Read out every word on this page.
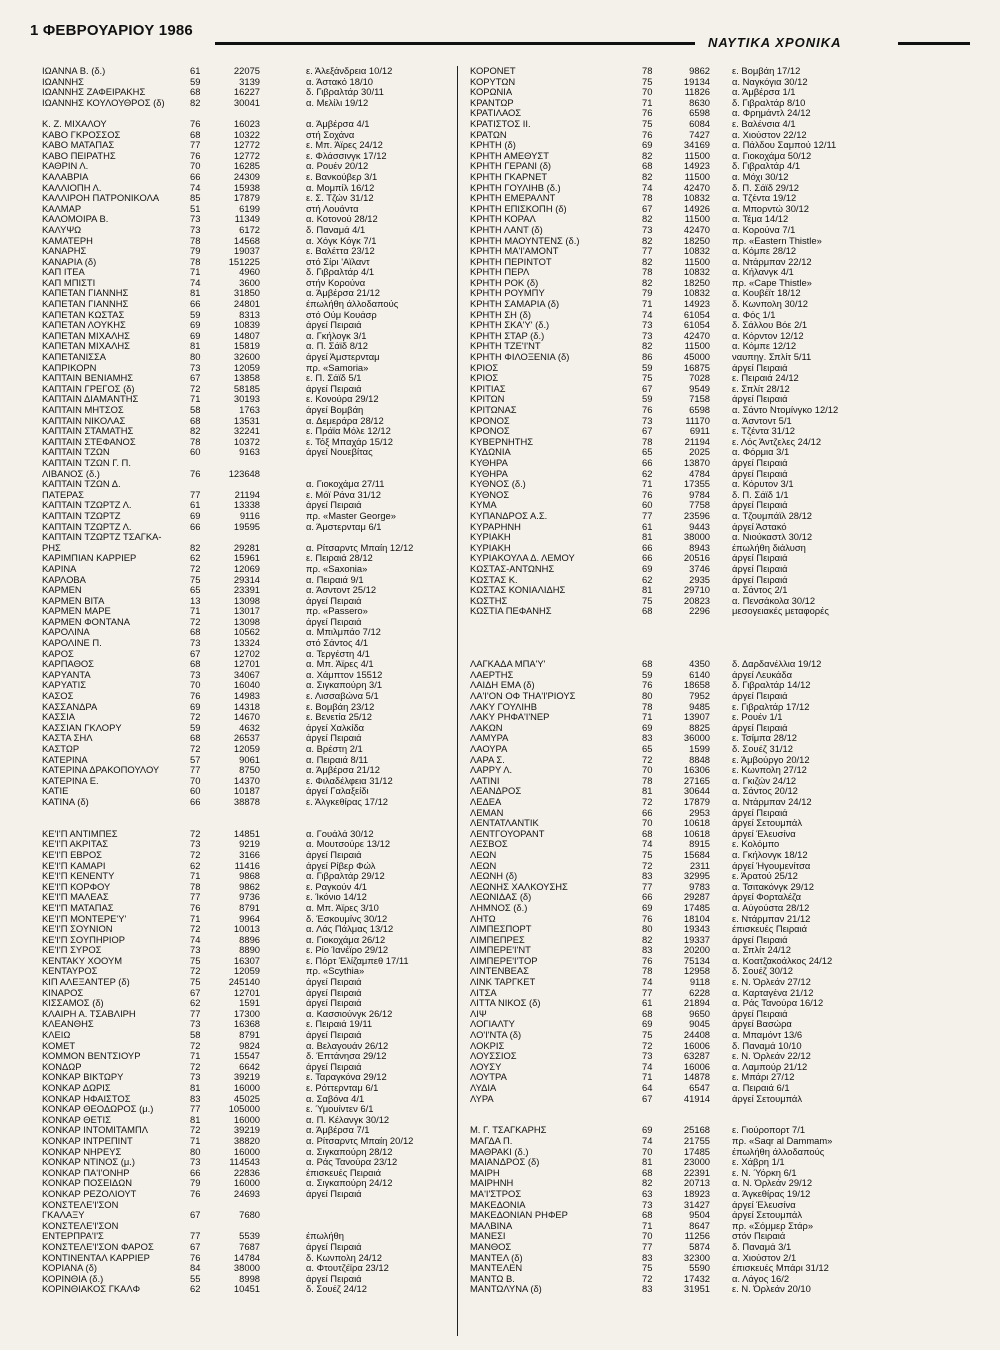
1 ΦΕΒΡΟΥΑΡΙΟΥ 1986
ΝΑΥΤΙΚΑ ΧΡΟΝΙΚΑ
ΙΩΑΝΝΑ Β. (δ.)	61	22075	ε. Άλεξάνδρεια 10/12
ΙΩΑΝΝΗΣ	59	3139	α. Άστακό 18/10
ΙΩΑΝΝΗΣ ΖΑΦΕΙΡΑΚΗΣ	68	16227	δ. Γιβραλτάρ 30/11
ΙΩΑΝΝΗΣ ΚΟΥΛΟΥΘΡΟΣ (δ)	82	30041	α. Μελίλι 19/12
Κ. Ζ. ΜΙΧΑΛΟΥ	76	16023	α. Άμβέρσα 4/1
ΚΑΒΟ ΓΚΡΟΣΣΟΣ	68	10322	στή Σοχάνα
ΚΑΒΟ ΜΑΤΑΠΑΣ	77	12772	ε. Μπ. Άϊρες 24/12
ΚΑΒΟ ΠΕΙΡΑΤΗΣ	76	12772	ε. Φλάσσινγκ 17/12
ΚΑΘΡΙΝ Λ.	70	16285	α. Ρουέν 20/12
ΚΑΛΑΒΡΙΑ	66	24309	ε. Βανκούβερ 3/1
ΚΑΛΛΙΟΠΗ Λ.	74	15938	α. Μομπίλ 16/12
ΚΑΛΛΙΡΟΗ ΠΑΤΡΟΝΙΚΟΛΑ	85	17879	ε. Σ. Τζών 31/12
ΚΑΛΜΑΡ	51	6199	στή Λουάντα
ΚΑΛΟΜΟΙΡΑ Β.	73	11349	α. Κοτονού 28/12
ΚΑΛΥΨΩ	73	6172	δ. Παναμά 4/1
ΚΑΜΑΤΕΡΗ	78	14568	α. Χόγκ Κόγκ 7/1
ΚΑΝΑΡΗΣ	79	19037	ε. Βαλέττα 23/12
ΚΑΝΑΡΙΑ (δ)	78	151225	στό Σίρι 'Αϊλαντ
ΚΑΠ ΙΤΕΑ	71	4960	δ. Γιβραλτάρ 4/1
ΚΑΠ ΜΠΙΣΤΙ	74	3600	στήν Κορούνα
ΚΑΠΕΤΑΝ ΓΙΑΝΝΗΣ	81	31850	α. Άμβέρσα 21/12
ΚΑΠΕΤΑΝ ΓΙΑΝΝΗΣ	66	24801	έπωλήθη άλλοδαπούς
ΚΑΠΕΤΑΝ ΚΩΣΤΑΣ	59	8313	στό Ούμ Κουάσρ
ΚΑΠΕΤΑΝ ΛΟΥΚΗΣ	69	10839	άργεί Πειραιά
ΚΑΠΕΤΑΝ ΜΙΧΑΛΗΣ	69	14807	α. Γκήλογκ 3/1
ΚΑΠΕΤΑΝ ΜΙΧΑΛΗΣ	81	15819	α. Π. Σάϊδ 8/12
ΚΑΠΕΤΑΝΙΣΣΑ	80	32600	άργεί Άμστερνταμ
ΚΑΠΡΙΚΟΡΝ	73	12059	πρ. «Samoria»
ΚΑΠΤΑΙΝ ΒΕΝΙΑΜΗΣ	67	13858	ε. Π. Σάϊδ 5/1
ΚΑΠΤΑΙΝ ΓΡΕΓΟΣ (δ)	72	58185	άργεί Πειραιά
ΚΑΠΤΑΙΝ ΔΙΑΜΑΝΤΗΣ	71	30193	ε. Κονούρα 29/12
ΚΑΠΤΑΙΝ ΜΗΤΣΟΣ	58	1763	άργεί Βομβάη
ΚΑΠΤΑΙΝ ΝΙΚΟΛΑΣ	68	13531	α. Δεμεράρα 28/12
ΚΑΠΤΑΙΝ ΣΤΑΜΑΤΗΣ	82	32241	ε. Πράϊα Μόλε 12/12
ΚΑΠΤΑΙΝ ΣΤΕΦΑΝΟΣ	78	10372	ε. Τόξ Μπαχάρ 15/12
ΚΑΠΤΑΙΝ ΤΖΩΝ	60	9163	άργεί Νουεβίτας
ΚΑΠΤΑΙΝ ΤΖΩΝ Γ. Π.
ΛΙΒΑΝΟΣ (δ.)	76	123648
ΚΑΠΤΑΙΝ ΤΖΩΝ Δ.	α. Γιοκοχάμα 27/11
ΠΑΤΕΡΑΣ	77	21194	ε. Μόϊ Ράνα 31/12
ΚΑΠΤΑΙΝ ΤΖΩΡΤΖ Λ.	61	13338	άργεί Πειραιά
ΚΑΠΤΑΙΝ ΤΖΩΡΤΖ	69	9116	πρ. «Master George»
ΚΑΠΤΑΙΝ ΤΖΩΡΤΖ Λ.	66	19595	α. Άμστερνταμ 6/1
ΚΑΠΤΑΙΝ ΤΖΩΡΤΖ ΤΣΑΓΚΑ-
ΡΗΣ	82	29281	α. Ρίτσαρντς Μπαίη 12/12
ΚΑΡΙΜΠΙΑΝ ΚΑΡΡΙΕΡ	62	15961	ε. Πειραιά 28/12
ΚΑΡΙΝΑ	72	12069	πρ. «Saxonia»
ΚΑΡΛΟΒΑ	75	29314	α. Πειραιά 9/1
ΚΑΡΜΕΝ	65	23391	α. Άσντοντ 25/12
ΚΑΡΜΕΝ ΒΙΤΑ	13	13098	άργεί Πειραιά
ΚΑΡΜΕΝ ΜΑΡΕ	71	13017	πρ. «Passero»
ΚΑΡΜΕΝ ΦΟΝΤΑΝΑ	72	13098	άργεί Πειραιά
ΚΑΡΟΛΙΝΑ	68	10562	α. Μπιλμπάο 7/12
ΚΑΡΟΛΙΝΕ Π.	73	13324	στό Σάντος 4/1
ΚΑΡΟΣ	67	12702	α. Τεργέστη 4/1
ΚΑΡΠΑΘΟΣ	68	12701	α. Μπ. Άϊρες 4/1
ΚΑΡΥΑΝΤΑ	73	34067	α. Χάμπτον 15512
ΚΑΡΥΑΤΙΣ	70	16040	α. Σιγκαπούρη 3/1
ΚΑΣΟΣ	76	14983	ε. Λισσαβώνα 5/1
ΚΑΣΣΑΝΔΡΑ	69	14318	ε. Βομβάη 23/12
ΚΑΣΣΙΑ	72	14670	ε. Βενετία 25/12
ΚΑΣΣΙΑΝ ΓΚΛΟΡΥ	59	4632	άργεί Χαλκίδα
ΚΑΣΤΑ ΣΗΛ	68	26537	άργεί Πειραιά
ΚΑΣΤΩΡ	72	12059	α. Βρέστη 2/1
ΚΑΤΕΡΙΝΑ	57	9061	α. Πειραιά 8/11
ΚΑΤΕΡΙΝΑ ΔΡΑΚΟΠΟΥΛΟΥ	77	8750	α. Άμβέρσα 21/12
ΚΑΤΕΡΙΝΑ Ε.	70	14370	ε. Φιλαδέλφεια 31/12
ΚΑΤΙΕ	60	10187	άργεί Γαλαξείδι
ΚΑΤΙΝΑ (δ)	66	38878	ε. Άλγκεθίρας 17/12
ΚΕ'Ι'Π ΑΝΤΙΜΠΕΣ	72	14851	α. Γουάλά 30/12
ΚΕ'Ι'Π ΑΚΡΙΤΑΣ	73	9219	α. Μουτσούρε 13/12
ΚΕ'Ι'Π ΕΒΡΟΣ	72	3166	άργεί Πειραιά
ΚΕ'Ι'Π ΚΑΜΑΡΙ	62	11416	άργεί Ρίβερ Φώλ
ΚΕ'Ι'Π ΚΕΝΕΝΤΥ	71	9868	α. Γιβραλτάρ 29/12
ΚΕ'Ι'Π ΚΟΡΦΟΥ	78	9862	ε. Ραγκούν 4/1
ΚΕ'Ι'Π ΜΑΛΕΑΣ	77	9736	ε. Ίκόνιο 14/12
ΚΕ'Ι'Π ΜΑΤΑΠΑΣ	76	8791	α. Μπ. Άϊρες 3/10
ΚΕ'Ι'Π ΜΟΝΤΕΡΕ'Υ'	71	9964	δ. Έσκουμίνς 30/12
ΚΕ'Ι'Π ΣΟΥΝΙΟΝ	72	10013	α. Λάς Πάλμας 13/12
ΚΕ'Ι'Π ΣΟΥΠΗΡΙΟΡ	74	8896	α. Γιοκοχάμα 26/12
ΚΕ'Ι'Π ΣΥΡΟΣ	73	8890	ε. Ρίο Ίανέϊρο 29/12
ΚΕΝΤΑΚΥ ΧΟΟΥΜ	75	16307	ε. Πόρτ Έλίζαμπεθ 17/11
ΚΕΝΤΑΥΡΟΣ	72	12059	πρ. «Scythia»
ΚΙΠ ΑΛΕΞΑΝΤΕΡ (δ)	75	245140	άργεί Πειραιά
ΚΙΝΑΡΟΣ	67	12701	άργεί Πειραιά
ΚΙΣΣΑΜΟΣ (δ)	62	1591	άργεί Πειραιά
ΚΛΑΙΡΗ Α. ΤΣΑΒΛΙΡΗ	77	17300	α. Κασσιούνγκ 26/12
ΚΛΕΑΝΘΗΣ	73	16368	ε. Πειραιά 19/11
ΚΛΕΙΩ	58	8791	άργεί Πειραιά
ΚΟΜΕΤ	72	9824	α. Βελαγουάν 26/12
ΚΟΜΜΟΝ ΒΕΝΤΣΙΟΥΡ	71	15547	δ. Έπτάνησα 29/12
ΚΟΝΔΩΡ	72	6642	άργεί Πειραιά
ΚΟΝΚΑΡ ΒΙΚΤΩΡΥ	73	39219	ε. Ταραγκόνα 29/12
ΚΟΝΚΑΡ ΔΩΡΙΣ	81	16000	ε. Ρόττερνταμ 6/1
ΚΟΝΚΑΡ ΗΦΑΙΣΤΟΣ	83	45025	α. Σαβόνα 4/1
ΚΟΝΚΑΡ ΘΕΟΔΩΡΟΣ (μ.)	77	105000	ε. Ύμουίντεν 6/1
ΚΟΝΚΑΡ ΘΕΤΙΣ	81	16000	α. Π. Κέλανγκ 30/12
ΚΟΝΚΑΡ ΙΝΤΟΜΙΤΑΜΠΛ	72	39219	α. Άμβέρσα 7/1
ΚΟΝΚΑΡ ΙΝΤΡΕΠΙΝΤ	71	38820	α. Ρίτσαρντς Μπαίη 20/12
ΚΟΝΚΑΡ ΝΗΡΕΥΣ	80	16000	α. Σιγκαπούρη 28/12
ΚΟΝΚΑΡ ΝΤΙΝΟΣ (μ.)	73	114543	α. Ράς Τανούρα 23/12
ΚΟΝΚΑΡ ΠΑ'Ι'ΟΝΗΡ	66	22836	έπισκευές Πειραιά
ΚΟΝΚΑΡ ΠΟΣΕΙΔΩΝ	79	16000	α. Σιγκαπούρη 24/12
ΚΟΝΚΑΡ ΡΕΖΟΛΙΟΥΤ	76	24693	άργεί Πειραιά
ΚΟΝΣΤΕΛΕ'Ι'ΣΟΝ
ΓΚΑΛΑΞΥ	67	7680
ΚΟΝΣΤΕΛΕ'Ι'ΣΟΝ
ΕΝΤΕΡΠΡΑ'Ι'Σ	77	5539	έπωλήθη
ΚΟΝΣΤΕΛΕ'Ι'ΣΟΝ ΦΑΡΟΣ	67	7687	άργεί Πειραιά
ΚΟΝΤΙΝΕΝΤΑΛ ΚΑΡΡΙΕΡ	76	14784	δ. Κωνπολη 24/12
ΚΟΡΙΑΝΑ (δ)	84	38000	α. Φτουτζέϊρα 23/12
ΚΟΡΙΝΘΙΑ (δ.)	55	8998	άργεί Πειραιά
ΚΟΡΙΝΘΙΑΚΟΣ ΓΚΑΛΦ	62	10451	δ. Σουέζ 24/12
ΚΟΡΟΝΕΤ	78	9862 ε. Βομβάη 17/12
ΚΟΡΥΤΩΝ	75	19134 α. Ναγκόγια 30/12
ΚΟΡΩΝΙΑ	70	11826 α. Άμβέρσα 1/1
ΚΡΑΝΤΩΡ	71	8630 δ. Γιβραλτάρ 8/10
ΚΡΑΤΙΛΑΟΣ	76	6598 α. Φρημάντλ 24/12
ΚΡΑΤΙΣΤΟΣ ΙΙ.	75	6084 ε. Βαλένσια 4/1
ΚΡΑΤΩΝ	76	7427 α. Χιούστον 22/12
ΚΡΗΤΗ (δ)	69	34169 α. Πάλδου Σαμπού 12/11
ΚΡΗΤΗ ΑΜΕΘΥΣΤ	82	11500 α. Γιοκοχάμα 50/12
ΚΡΗΤΗ ΓΕΡΑΝΙ (δ)	68	14923 δ. Γιβραλτάρ 4/1
ΚΡΗΤΗ ΓΚΑΡΝΕΤ	82	11500 α. Μόχι 30/12
ΚΡΗΤΗ ΓΟΥΛΙΗΒ (δ.)	74	42470 δ. Π. Σάϊδ 29/12
ΚΡΗΤΗ ΕΜΕΡΑΛΝΤ	78	10832 α. Τζέντα 19/12
ΚΡΗΤΗ ΕΠΙΣΚΟΠΗ (δ)	67	14926 α. Μπορντώ 30/12
ΚΡΗΤΗ ΚΟΡΑΛ	82	11500 α. Τέμα 14/12
ΚΡΗΤΗ ΛΑΝΤ (δ)	73	42470 α. Κορούνα 7/1
ΚΡΗΤΗ ΜΑΟΥΝΤΕΝΣ (δ.)	82	18250 πρ. «Eastern Thistle»
ΚΡΗΤΗ ΜΑ'Ι'ΑΜΟΝΤ	77	10832 α. Κόμπε 28/12
ΚΡΗΤΗ ΠΕΡΙΝΤΟΤ	82	11500 α. Ντάρμπαν 22/12
ΚΡΗΤΗ ΠΕΡΛ	78	10832 α. Κήλανγκ 4/1
ΚΡΗΤΗ ΡΟΚ (δ)	82	18250 πρ. «Cape Thistle»
ΚΡΗΤΗ ΡΟΥΜΠΥ	79	10832 α. Κουβέϊτ 18/12
ΚΡΗΤΗ ΣΑΜΑΡΙΑ (δ)	71	14923 δ. Κωνπολη 30/12
ΚΡΗΤΗ ΣΗ (δ)	74	61054 α. Φός 1/1
ΚΡΗΤΗ ΣΚΑ'Υ' (δ.)	73	61054 δ. Σάλλου Βόε 2/1
ΚΡΗΤΗ ΣΤΑΡ (δ.)	73	42470 α. Κόρντον 12/12
ΚΡΗΤΗ ΤΖΕ'Ι'ΝΤ	82	11500 α. Κόμπε 12/12
ΚΡΗΤΗ ΦΙΛΟΞΕΝΙΑ (δ)	86	45000 ναυπηγ. Σπλίτ 5/11
ΚΡΙΟΣ	59	16875 άργεί Πειραιά
ΚΡΙΟΣ	75	7028 ε. Πειραιά 24/12
ΚΡΙΤΙΑΣ	67	9549 ε. Σπλίτ 28/12
ΚΡΙΤΩΝ	59	7158 άργεί Πειραιά
ΚΡΙΤΩΝΑΣ	76	6598 α. Σάντο Ντομίνγκο 12/12
ΚΡΟΝΟΣ	73	11170 α. Άσντοντ 5/1
ΚΡΟΝΟΣ	67	6911 ε. Τζέντα 31/12
ΚΥΒΕΡΝΗΤΗΣ	78	21194 ε. Λός Άντζελες 24/12
ΚΥΔΩΝΙΑ	65	2025 α. Φόρμια 3/1
ΚΥΘΗΡΑ	66	13870 άργεί Πειραιά
ΚΥΘΗΡΑ	62	4784 άργεί Πειραιά
ΚΥΘΝΟΣ (δ.)	71	17355 α. Κόρυτον 3/1
ΚΥΘΝΟΣ	76	9784 δ. Π. Σάϊδ 1/1
ΚΥΜΑ	60	7758 άργεί Πειραιά
ΚΥΠΑΝΔΡΟΣ Α.Σ.	77	23596 α. Τζουμπάϊλ 28/12
ΚΥΡΑΡΗΝΗ	61	9443 άργεί Άστακό
ΚΥΡΙΑΚΗ	81	38000 α. Νιούκαστλ 30/12
ΚΥΡΙΑΚΗ	66	8943 έπωλήθη διάλυση
ΚΥΡΙΑΚΟΥΛΑ Δ. ΛΕΜΟΥ	66	20516 άργεί Πειραιά
ΚΩΣΤΑΣ-ΑΝΤΩΝΗΣ	69	3746 άργεί Πειραιά
ΚΩΣΤΑΣ Κ.	62	2935 άργεί Πειραιά
ΚΩΣΤΑΣ ΚΟΝΙΑΛΙΔΗΣ	81	29710 α. Σάντος 2/1
ΚΩΣΤΗΣ	75	20823 α. Πενσάκολα 30/12
ΚΩΣΤΙΑ ΠΕΦΑΝΗΣ	68	2296 μεσογειακές μεταφορές
ΛΑΓΚΑΔΑ ΜΠΑ'Υ'	68	4350 δ. Δαρδανέλλια 19/12
ΛΑΕΡΤΗΣ	59	6140 άργεί Λευκάδα
ΛΑΙΔΗ ΕΜΑ (δ)	76	18658 δ. Γιβραλτάρ 14/12
ΛΑ'Ι'ΟΝ ΟΦ ΤΗΑ'Ι'ΡΙΟΥΣ	80	7952 άργεί Πειραιά
ΛΑΚΥ ΓΟΥΛΙΗΒ	78	9485 ε. Γιβραλτάρ 17/12
ΛΑΚΥ ΡΗΦΑ'Ι'ΝΕΡ	71	13907 ε. Ρουέν 1/1
ΛΑΚΩΝ	69	8825 άργεί Πειραιά
ΛΑΜΥΡΑ	83	36000 ε. Τσίμπα 28/12
ΛΑΟΥΡΑ	65	1599 δ. Σουέζ 31/12
ΛΑΡΑ Σ.	72	8848 ε. Άμβούργο 20/12
ΛΑΡΡΥ Λ.	70	16306 ε. Κωνπολη 27/12
ΛΑΤΙΝΙ	78	27165 α. Γκιζών 24/12
ΛΕΑΝΔΡΟΣ	81	30644 α. Σάντος 20/12
ΛΕΔΕΑ	72	17879 α. Ντάρμπαν 24/12
ΛΕΜΑΝ	66	2953 άργεί Πειραιά
ΛΕΝΤΑΤΛΑΝΤΙΚ	70	10618 άργεί Σετουμπάλ
ΛΕΝΤΓΟΥΟΡΑΝΤ	68	10618 άργεί Έλευσίνα
ΛΕΣΒΟΣ	74	8915 ε. Κολόμπο
ΛΕΩΝ	75	15684 α. Γκήλονγκ 18/12
ΛΕΩΝ	72	2311 άργεί Ήγουμενίτσα
ΛΕΩΝΗ (δ)	83	32995 ε. Άρατού 25/12
ΛΕΩΝΗΣ ΧΑΛΚΟΥΣΗΣ	77	9783 α. Τσιτακόνγκ 29/12
ΛΕΩΝΙΔΑΣ (δ)	66	29287 άργεί Φορταλέζα
ΛΗΜΝΟΣ (δ.)	69	17485 α. Αύγούστα 28/12
ΛΗΤΩ	76	18104 ε. Ντάρμπαν 21/12
ΛΙΜΠΕΣΠΟΡΤ	80	19343 έπισκευές Πειραιά
ΛΙΜΠΕΠΡΕΣ	82	19337 άργεί Πειραιά
ΛΙΜΠΕΡΕ'Ι'ΝΤ	83	20200 α. Σπλίτ 24/12
ΛΙΜΠΕΡΕ'Ι'ΤΟΡ	76	75134 α. Κοατζακοάλκος 24/12
ΛΙΝΤΕΝΒΕΑΣ	78	12958 δ. Σουέζ 30/12
ΛΙΝΚ ΤΑΡΓΚΕΤ	74	9118 ε. Ν. Όρλεάν 27/12
ΛΙΤΣΑ	77	6228 α. Καρταγένα 21/12
ΛΙΤΤΑ ΝΙΚΟΣ (δ)	61	21894 α. Ράς Τανούρα 16/12
ΛΙΨ	68	9650 άργεί Πειραιά
ΛΟΓΙΑΛΤΥ	69	9045 άργεί Βασώρα
ΛΟ'Ι'ΝΤΑ (δ)	75	24408 α. Μπαμόντ 13/6
ΛΟΚΡΙΣ	72	16006 δ. Παναμά 10/10
ΛΟΥΣΣΙΟΣ	73	63287 ε. Ν. Όρλεάν 22/12
ΛΟΥΣΥ	74	16006 α. Λαμπούρ 21/12
ΛΟΥΤΡΑ	71	14878 ε. Μπάρι 27/12
ΛΥΔΙΑ	64	6547 α. Πειραιά 6/1
ΛΥΡΑ	67	41914 άργεί Σετουμπάλ
Μ. Γ. ΤΣΑΓΚΑΡΗΣ	69	25168 ε. Γιούροπορτ 7/1
ΜΑΓΔΑ Π.	74	21755 πρ. «Saqr al Dammam»
ΜΑΘΡΑΚΙ (δ.)	70	17485 έπωλήθη άλλοδαπούς
ΜΑΙΑΝΔΡΟΣ (δ)	81	23000 ε. Χάβρη 1/1
ΜΑΙΡΗ	68	22391 ε. Ν. Ύόρκη 6/1
ΜΑΙΡΗΝΗ	82	20713 α. Ν. Όρλεάν 29/12
ΜΑ'Ι'ΣΤΡΟΣ	63	18923 α. Άγκεθίρας 19/12
ΜΑΚΕΔΟΝΙΑ	73	31427 άργεί Έλευσίνα
ΜΑΚΕΔΟΝΙΑΝ ΡΗΦΕΡ	68	9504 άργεί Σετουμπάλ
ΜΑΛΒΙΝΑ	71	8647 πρ. «Σόμμερ Στάρ»
ΜΑΝΕΣΙ	70	11256 στόν Πειραιά
ΜΑΝΘΟΣ	77	5874 δ. Παναμά 3/1
ΜΑΝΤΕΛ (δ)	83	32300 α. Χιούστον 2/1
ΜΑΝΤΕΛΕΝ	75	5590 έπισκευές Μπάρι 31/12
ΜΑΝΤΩ Β.	72	17432 α. Λάγος 16/2
ΜΑΝΤΩΛΥΝΑ (δ)	83	31951 ε. Ν. Όρλεάν 20/10
